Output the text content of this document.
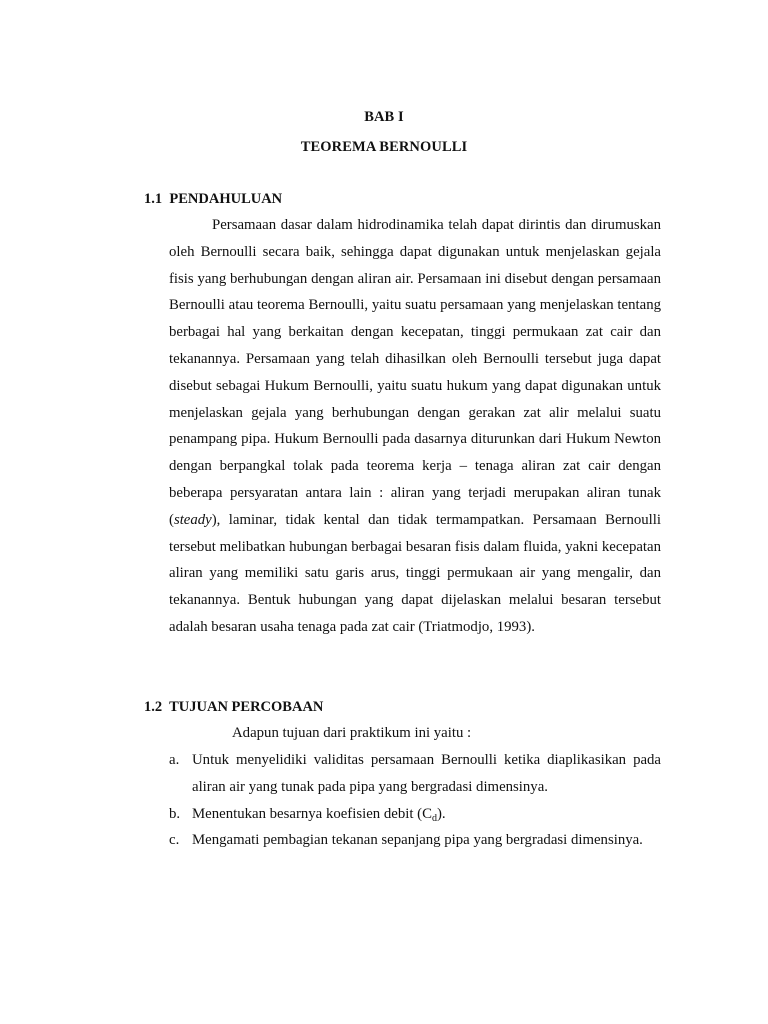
BAB I
TEOREMA BERNOULLI
1.1 PENDAHULUAN

Persamaan dasar dalam hidrodinamika telah dapat dirintis dan dirumuskan oleh Bernoulli secara baik, sehingga dapat digunakan untuk menjelaskan gejala fisis yang berhubungan dengan aliran air. Persamaan ini disebut dengan persamaan Bernoulli atau teorema Bernoulli, yaitu suatu persamaan yang menjelaskan tentang berbagai hal yang berkaitan dengan kecepatan, tinggi permukaan zat cair dan tekanannya. Persamaan yang telah dihasilkan oleh Bernoulli tersebut juga dapat disebut sebagai Hukum Bernoulli, yaitu suatu hukum yang dapat digunakan untuk menjelaskan gejala yang berhubungan dengan gerakan zat alir melalui suatu penampang pipa. Hukum Bernoulli pada dasarnya diturunkan dari Hukum Newton dengan berpangkal tolak pada teorema kerja – tenaga aliran zat cair dengan beberapa persyaratan antara lain : aliran yang terjadi merupakan aliran tunak (steady), laminar, tidak kental dan tidak termampatkan. Persamaan Bernoulli tersebut melibatkan hubungan berbagai besaran fisis dalam fluida, yakni kecepatan aliran yang memiliki satu garis arus, tinggi permukaan air yang mengalir, dan tekanannya. Bentuk hubungan yang dapat dijelaskan melalui besaran tersebut adalah besaran usaha tenaga pada zat cair (Triatmodjo, 1993).

1.2 TUJUAN PERCOBAAN
Adapun tujuan dari praktikum ini yaitu :
a. Untuk menyelidiki validitas persamaan Bernoulli ketika diaplikasikan pada aliran air yang tunak pada pipa yang bergradasi dimensinya.
b. Menentukan besarnya koefisien debit $(C_d)$.
c. Mengamati pembagian tekanan sepanjang pipa yang bergradasi dimensinya.
